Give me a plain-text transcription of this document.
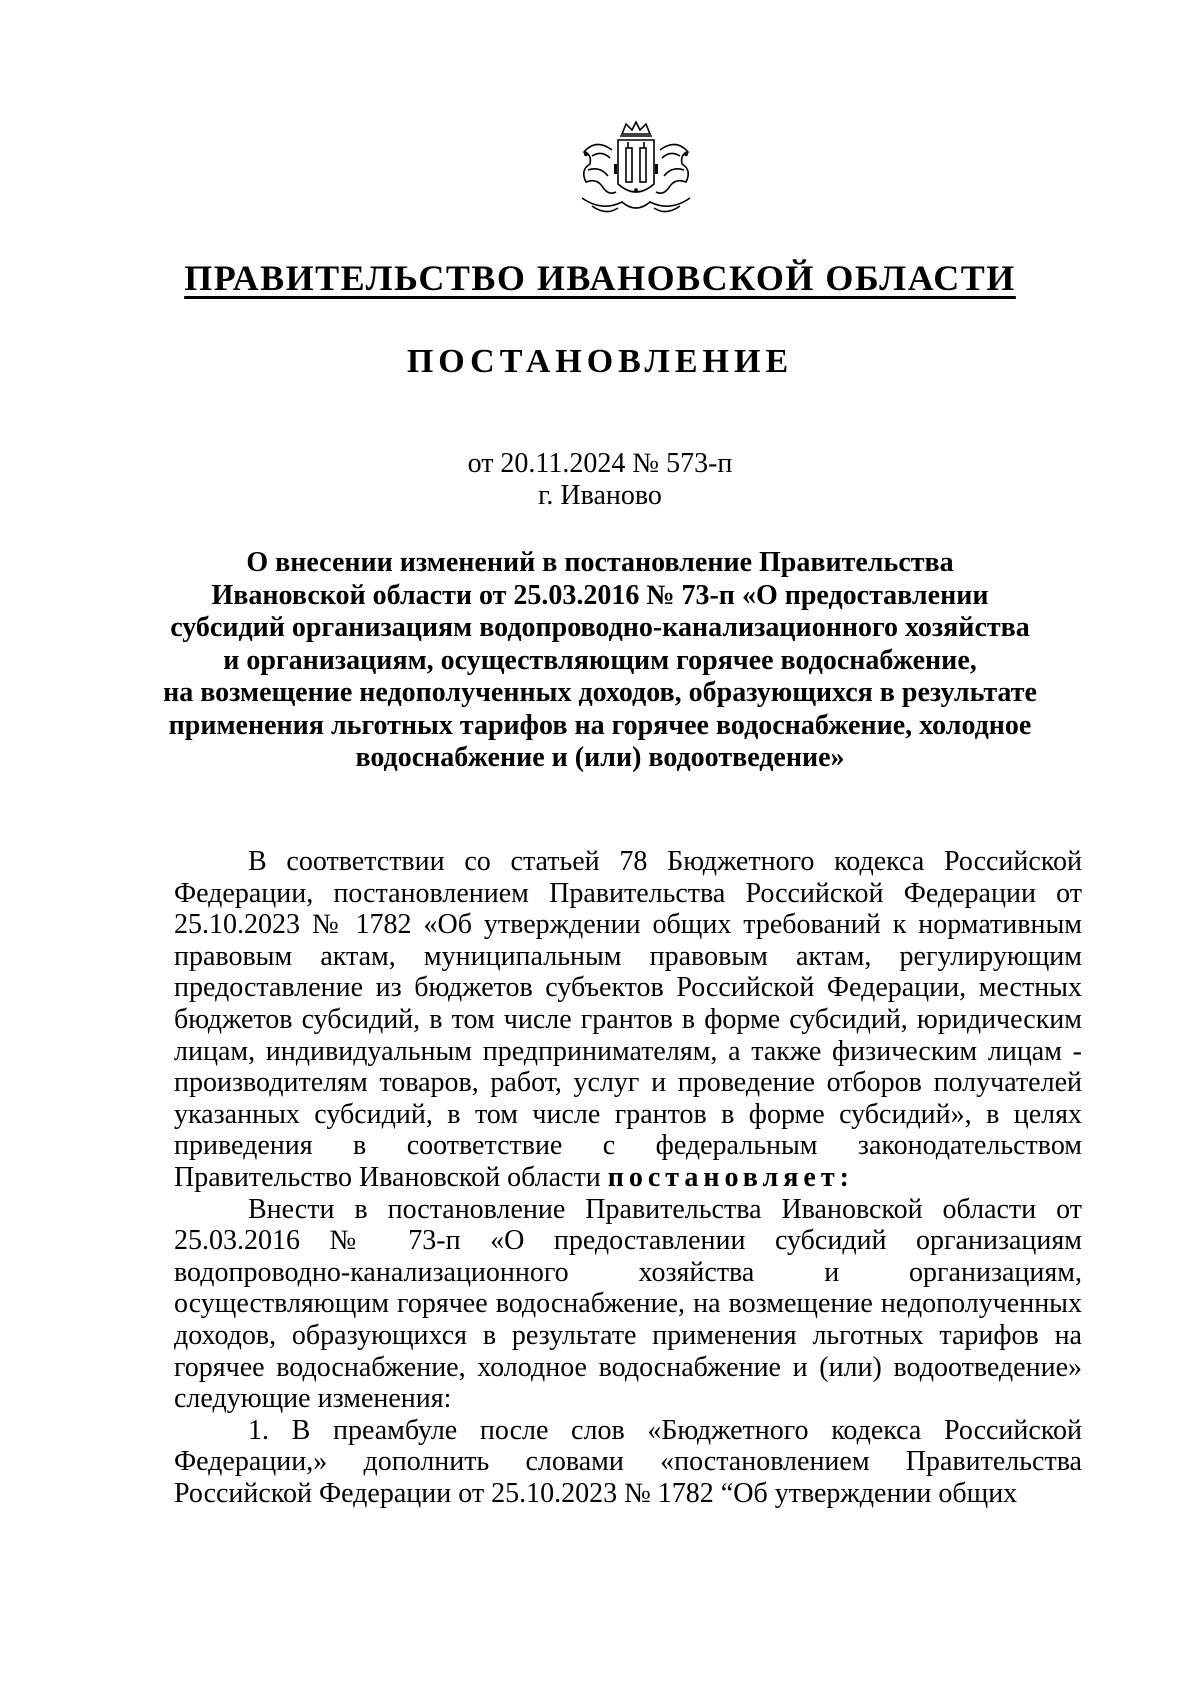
ПРАВИТЕЛЬСТВО ИВАНОВСКОЙ ОБЛАСТИ
ПОСТАНОВЛЕНИЕ
от 20.11.2024 № 573-п
г. Иваново
О внесении изменений в постановление Правительства
Ивановской области от 25.03.2016 № 73-п «О предоставлении
субсидий организациям водопроводно-канализационного хозяйства
и организациям, осуществляющим горячее водоснабжение,
на возмещение недополученных доходов, образующихся в результате
применения льготных тарифов на горячее водоснабжение, холодное
водоснабжение и (или) водоотведение»

В соответствии со статьей 78 Бюджетного кодекса Российской Федерации, постановлением Правительства Российской Федерации от 25.10.2023 № 1782 «Об утверждении общих требований к нормативным правовым актам, муниципальным правовым актам, регулирующим предоставление из бюджетов субъектов Российской Федерации, местных бюджетов субсидий, в том числе грантов в форме субсидий, юридическим лицам, индивидуальным предпринимателям, а также физическим лицам - производителям товаров, работ, услуг и проведение отборов получателей указанных субсидий, в том числе грантов в форме субсидий», в целях приведения в соответствие с федеральным законодательством Правительство Ивановской области постановляет:

Внести в постановление Правительства Ивановской области от 25.03.2016 № 73-п «О предоставлении субсидий организациям водопроводно-канализационного хозяйства и организациям, осуществляющим горячее водоснабжение, на возмещение недополученных доходов, образующихся в результате применения льготных тарифов на горячее водоснабжение, холодное водоснабжение и (или) водоотведение» следующие изменения:

1. В преамбуле после слов «Бюджетного кодекса Российской Федерации,» дополнить словами «постановлением Правительства Российской Федерации от 25.10.2023 № 1782 “Об утверждении общих
